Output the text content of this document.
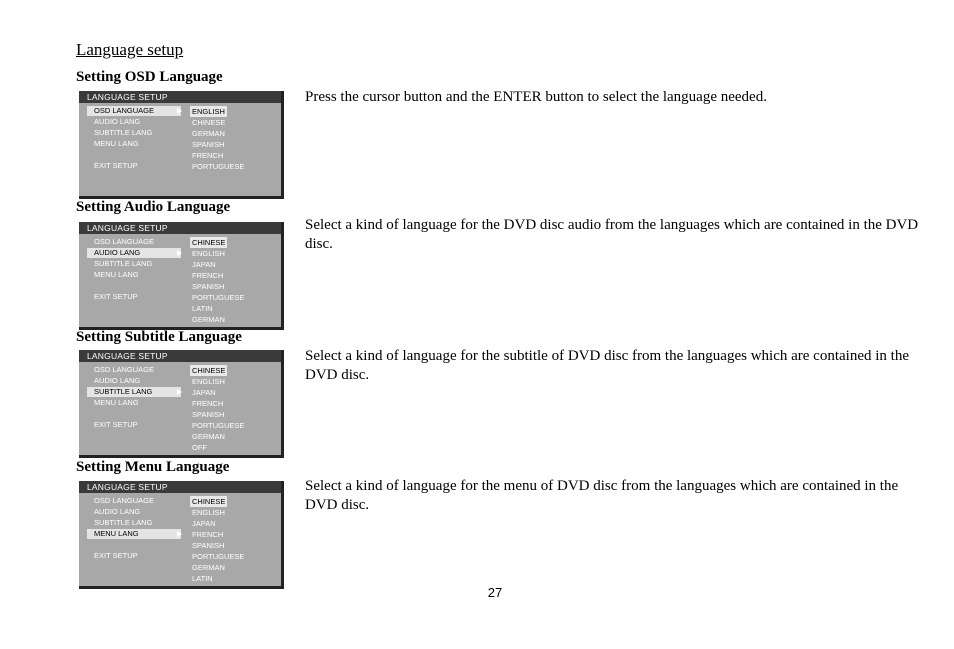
Language setup
Setting OSD Language
LANGUAGE SETUP
OSD LANGUAGE
AUDIO LANG
SUBTITLE LANG
MENU LANG
EXIT SETUP
ENGLISH
CHINESE
GERMAN
SPANISH
FRENCH
PORTUGUESE
Press the cursor button and the ENTER button to select the language needed.
Setting Audio Language
LANGUAGE SETUP
OSD LANGUAGE
AUDIO LANG
SUBTITLE LANG
MENU LANG
EXIT SETUP
CHINESE
ENGLISH
JAPAN
FRENCH
SPANISH
PORTUGUESE
LATIN
GERMAN
Select a kind of language for the DVD disc audio from the languages which are contained in the DVD disc.
Setting Subtitle Language
LANGUAGE SETUP
OSD LANGUAGE
AUDIO LANG
SUBTITLE LANG
MENU LANG
EXIT SETUP
CHINESE
ENGLISH
JAPAN
FRENCH
SPANISH
PORTUGUESE
GERMAN
OFF
Select a kind of language for the subtitle of DVD disc from the languages which are contained in the DVD disc.
Setting Menu Language
LANGUAGE SETUP
OSD LANGUAGE
AUDIO LANG
SUBTITLE LANG
MENU LANG
EXIT SETUP
CHINESE
ENGLISH
JAPAN
FRENCH
SPANISH
PORTUGUESE
GERMAN
LATIN
Select a kind of language for the menu of DVD disc from the languages which are contained in the DVD disc.
27
